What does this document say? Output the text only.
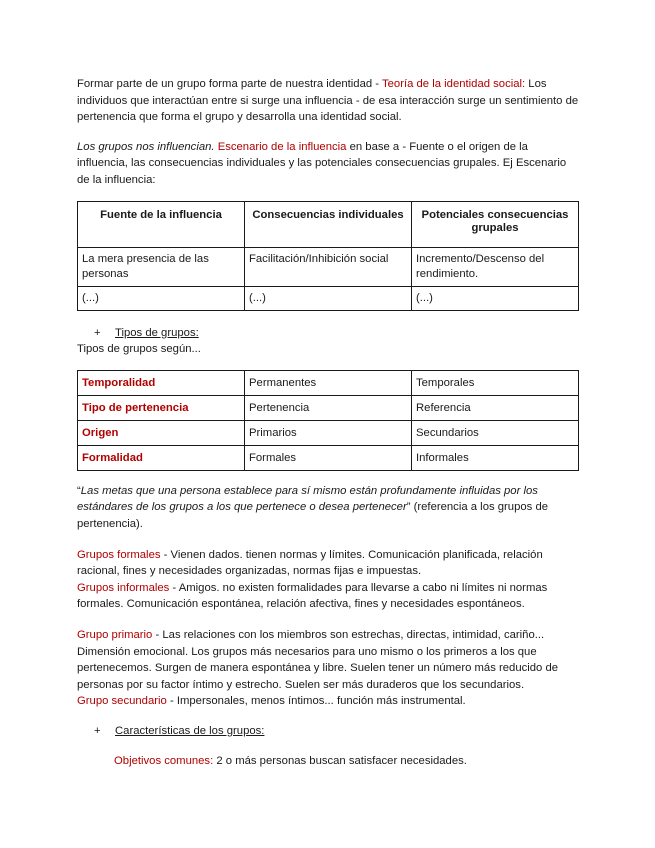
Formar parte de un grupo forma parte de nuestra identidad - Teoría de la identidad social: Los individuos que interactúan entre si surge una influencia - de esa interacción surge un sentimiento de pertenencia que forma el grupo y desarrolla una identidad social.

Los grupos nos influencian. Escenario de la influencia en base a - Fuente o el origen de la influencia, las consecuencias individuales y las potenciales consecuencias grupales. Ej Escenario de la influencia:

Fuente de la influencia	Consecuencias individuales	Potenciales consecuencias grupales
La mera presencia de las personas	Facilitación/Inhibición social	Incremento/Descenso del rendimiento.
(...)	(...)	(...)

+ Tipos de grupos:

Tipos de grupos según...

Temporalidad	Permanentes	Temporales
Tipo de pertenencia	Pertenencia	Referencia
Origen	Primarios	Secundarios
Formalidad	Formales	Informales

“Las metas que una persona establece para sí mismo están profundamente influidas por los estándares de los grupos a los que pertenece o desea pertenecer” (referencia a los grupos de pertenencia).

Grupos formales - Vienen dados. tienen normas y límites. Comunicación planificada, relación racional, fines y necesidades organizadas, normas fijas e impuestas.

Grupos informales - Amigos. no existen formalidades para llevarse a cabo ni límites ni normas formales. Comunicación espontánea, relación afectiva, fines y necesidades espontáneos.

Grupo primario - Las relaciones con los miembros son estrechas, directas, intimidad, cariño... Dimensión emocional. Los grupos más necesarios para uno mismo o los primeros a los que pertenecemos. Surgen de manera espontánea y libre. Suelen tener un número más reducido de personas por su factor íntimo y estrecho. Suelen ser más duraderos que los secundarios.

Grupo secundario - Impersonales, menos íntimos... función más instrumental.

+ Características de los grupos:

Objetivos comunes: 2 o más personas buscan satisfacer necesidades.
